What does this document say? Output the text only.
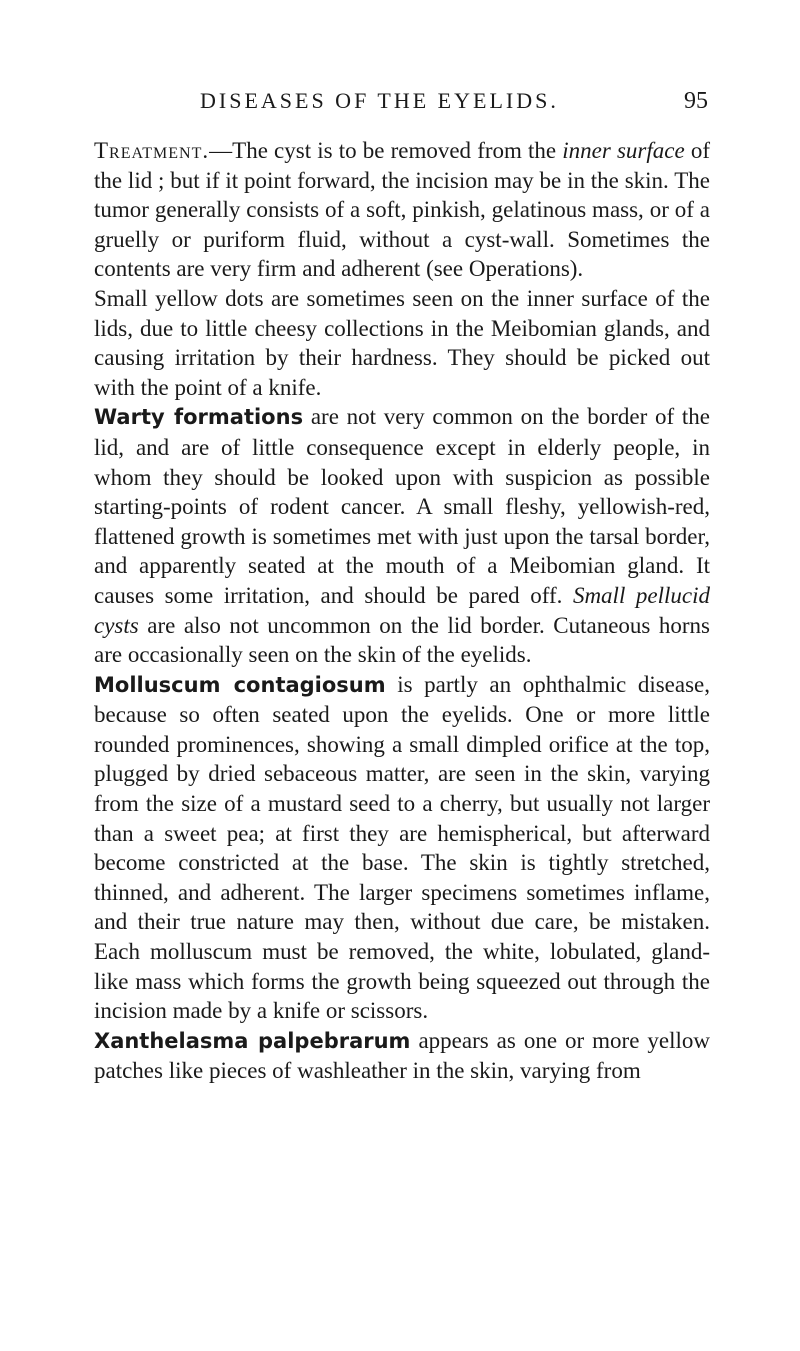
DISEASES OF THE EYELIDS.	95

Treatment.—The cyst is to be removed from the inner surface of the lid ; but if it point forward, the incision may be in the skin. The tumor generally consists of a soft, pinkish, gelatinous mass, or of a gruelly or puriform fluid, without a cyst-wall. Sometimes the contents are very firm and adherent (see Operations).

Small yellow dots are sometimes seen on the inner surface of the lids, due to little cheesy collections in the Meibomian glands, and causing irritation by their hardness. They should be picked out with the point of a knife.

Warty formations are not very common on the border of the lid, and are of little consequence except in elderly people, in whom they should be looked upon with suspicion as possible starting-points of rodent cancer. A small fleshy, yellowish-red, flattened growth is sometimes met with just upon the tarsal border, and apparently seated at the mouth of a Meibomian gland. It causes some irritation, and should be pared off. Small pellucid cysts are also not uncommon on the lid border. Cutaneous horns are occasionally seen on the skin of the eyelids.

Molluscum contagiosum is partly an ophthalmic disease, because so often seated upon the eyelids. One or more little rounded prominences, showing a small dimpled orifice at the top, plugged by dried sebaceous matter, are seen in the skin, varying from the size of a mustard seed to a cherry, but usually not larger than a sweet pea; at first they are hemispherical, but afterward become constricted at the base. The skin is tightly stretched, thinned, and adherent. The larger specimens sometimes inflame, and their true nature may then, without due care, be mistaken. Each molluscum must be removed, the white, lobulated, gland-like mass which forms the growth being squeezed out through the incision made by a knife or scissors.

Xanthelasma palpebrarum appears as one or more yellow patches like pieces of washleather in the skin, varying from
